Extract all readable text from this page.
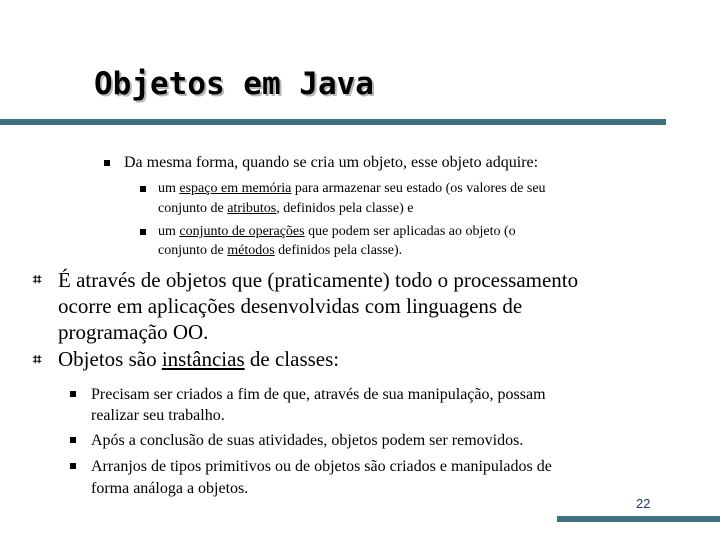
Objetos em Java
Da mesma forma, quando se cria um objeto, esse objeto adquire:
um espaço em memória para armazenar seu estado (os valores de seu
conjunto de atributos, definidos pela classe) e
um conjunto de operações que podem ser aplicadas ao objeto (o
conjunto de métodos definidos pela classe).
⌗ É através de objetos que (praticamente) todo o processamento
ocorre em aplicações desenvolvidas com linguagens de
programação OO.
⌗ Objetos são instâncias de classes:
Precisam ser criados a fim de que, através de sua manipulação, possam
realizar seu trabalho.
Após a conclusão de suas atividades, objetos podem ser removidos.
Arranjos de tipos primitivos ou de objetos são criados e manipulados de
forma análoga a objetos.
22
